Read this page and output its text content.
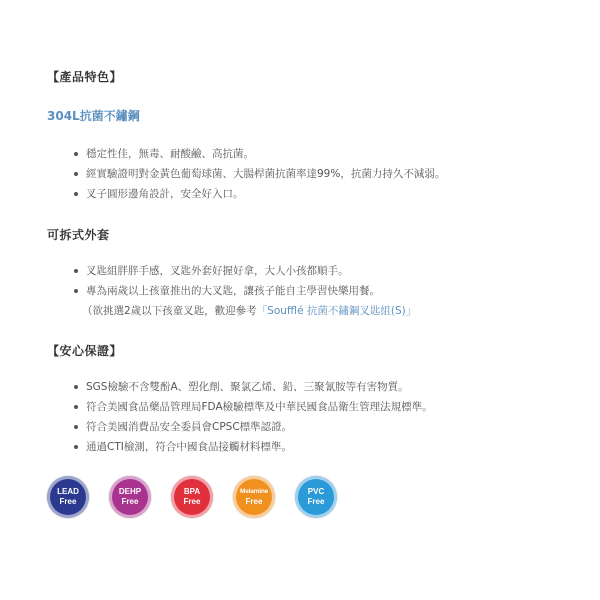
【產品特色】
304L抗菌不鏽鋼
穩定性佳，無毒、耐酸鹼、高抗菌。
經實驗證明對金黃色葡萄球菌、大腸桿菌抗菌率達99%，抗菌力持久不減弱。
叉子圓形邊角設計，安全好入口。
可拆式外套
叉匙組胖胖手感，叉匙外套好握好拿，大人小孩都順手。
專為兩歲以上孩童推出的大叉匙，讓孩子能自主學習快樂用餐。
（欲挑選2歲以下孩童叉匙，歡迎參考「Soufflé 抗菌不鏽鋼叉匙組(S)」
【安心保證】
SGS檢驗不含雙酚A、塑化劑、聚氯乙烯、鉛、三聚氰胺等有害物質。
符合美國食品藥品管理局FDA檢驗標準及中華民國食品衛生管理法規標準。
符合美國消費品安全委員會CPSC標準認證。
通過CTI檢測，符合中國食品接觸材料標準。
LEAD
Free
DEHP
Free
BPA
Free
Melamine
Free
PVC
Free
